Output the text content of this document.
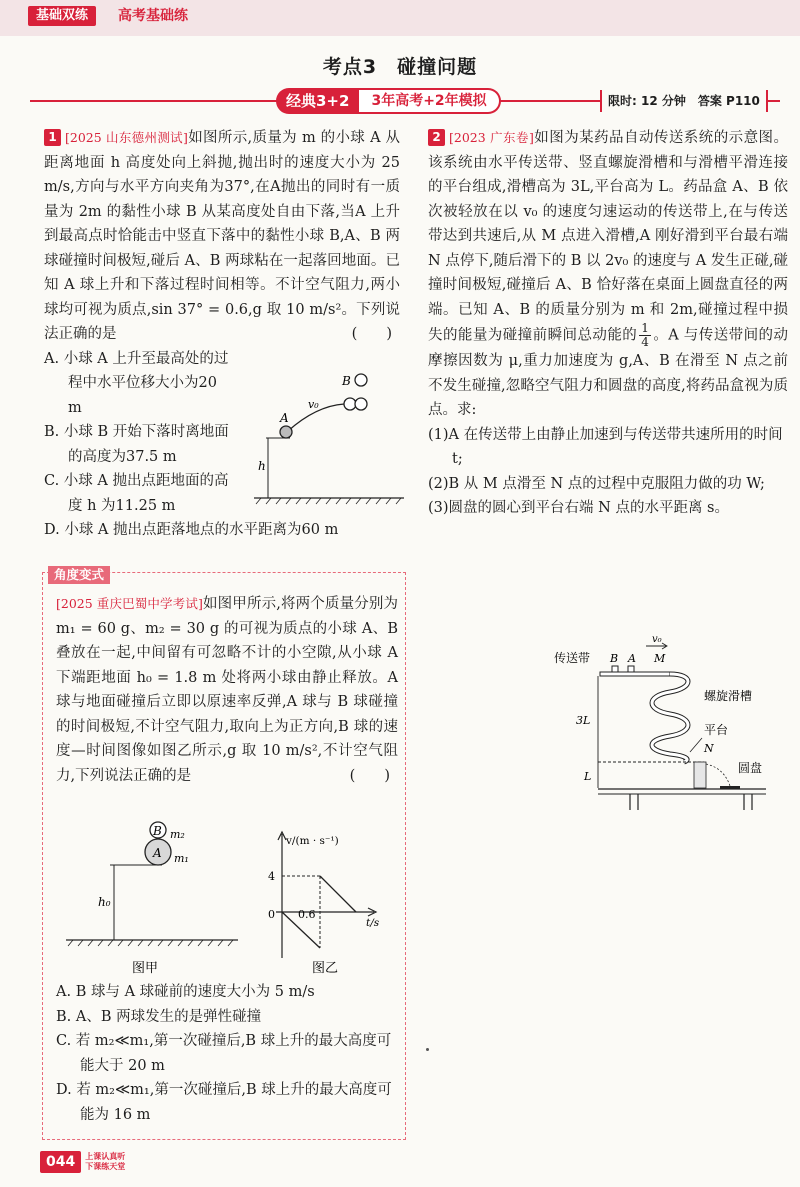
基础双练	高考基础练
考点3　碰撞问题
经典3+2	3年高考+2年模拟	限时: 12 分钟　答案 P110
1 [2025 山东德州测试]如图所示,质量为 m 的小球 A 从距离地面 h 高度处向上斜抛,抛出时的速度大小为 25 m/s,方向与水平方向夹角为37°,在A抛出的同时有一质量为 2m 的黏性小球 B 从某高度处自由下落,当A 上升到最高点时恰能击中竖直下落中的黏性小球 B,A、B 两球碰撞时间极短,碰后 A、B 两球粘在一起落回地面。已知 A 球上升和下落过程时间相等。不计空气阻力,两小球均可视为质点,sin 37° = 0.6,g 取 10 m/s²。下列说法正确的是	(　　)
A. 小球 A 上升至最高处的过程中水平位移大小为20 m
B. 小球 B 开始下落时离地面的高度为37.5 m
C. 小球 A 抛出点距地面的高度 h 为11.25 m
D. 小球 A 抛出点距落地点的水平距离为60 m
B
v₀
A
h
角度变式
[2025 重庆巴蜀中学考试]如图甲所示,将两个质量分别为 m₁ = 60 g、m₂ = 30 g 的可视为质点的小球 A、B 叠放在一起,中间留有可忽略不计的小空隙,从小球 A 下端距地面 h₀ = 1.8 m 处将两小球由静止释放。A 球与地面碰撞后立即以原速率反弹,A 球与 B 球碰撞的时间极短,不计空气阻力,取向上为正方向,B 球的速度—时间图像如图乙所示,g 取 10 m/s²,不计空气阻力,下列说法正确的是	(　　)
B m₂
A m₁
h₀
图甲
v/(m · s⁻¹)
t/s
4
0 0.6
图乙
A. B 球与 A 球碰前的速度大小为 5 m/s
B. A、B 两球发生的是弹性碰撞
C. 若 m₂≪m₁,第一次碰撞后,B 球上升的最大高度可能大于 20 m
D. 若 m₂≪m₁,第一次碰撞后,B 球上升的最大高度可能为 16 m
2 [2023 广东卷]如图为某药品自动传送系统的示意图。该系统由水平传送带、竖直螺旋滑槽和与滑槽平滑连接的平台组成,滑槽高为 3L,平台高为 L。药品盒 A、B 依次被轻放在以 v₀ 的速度匀速运动的传送带上,在与传送带达到共速后,从 M 点进入滑槽,A 刚好滑到平台最右端 N 点停下,随后滑下的 B 以 2v₀ 的速度与 A 发生正碰,碰撞时间极短,碰撞后 A、B 恰好落在桌面上圆盘直径的两端。已知 A、B 的质量分别为 m 和 2m,碰撞过程中损失的能量为碰撞前瞬间总动能的 $\frac{1}{4}$ 。A 与传送带间的动摩擦因数为 μ,重力加速度为 g,A、B 在滑至 N 点之前不发生碰撞,忽略空气阻力和圆盘的高度,将药品盒视为质点。求:
(1)A 在传送带上由静止加速到与传送带共速所用的时间 t;
(2)B 从 M 点滑至 N 点的过程中克服阻力做的功 W;
(3)圆盘的圆心到平台右端 N 点的水平距离 s。
传送带 B A
v₀
M
螺旋滑槽
3L
L
平台
N
圆盘
044	上课认真听
下课练天堂
